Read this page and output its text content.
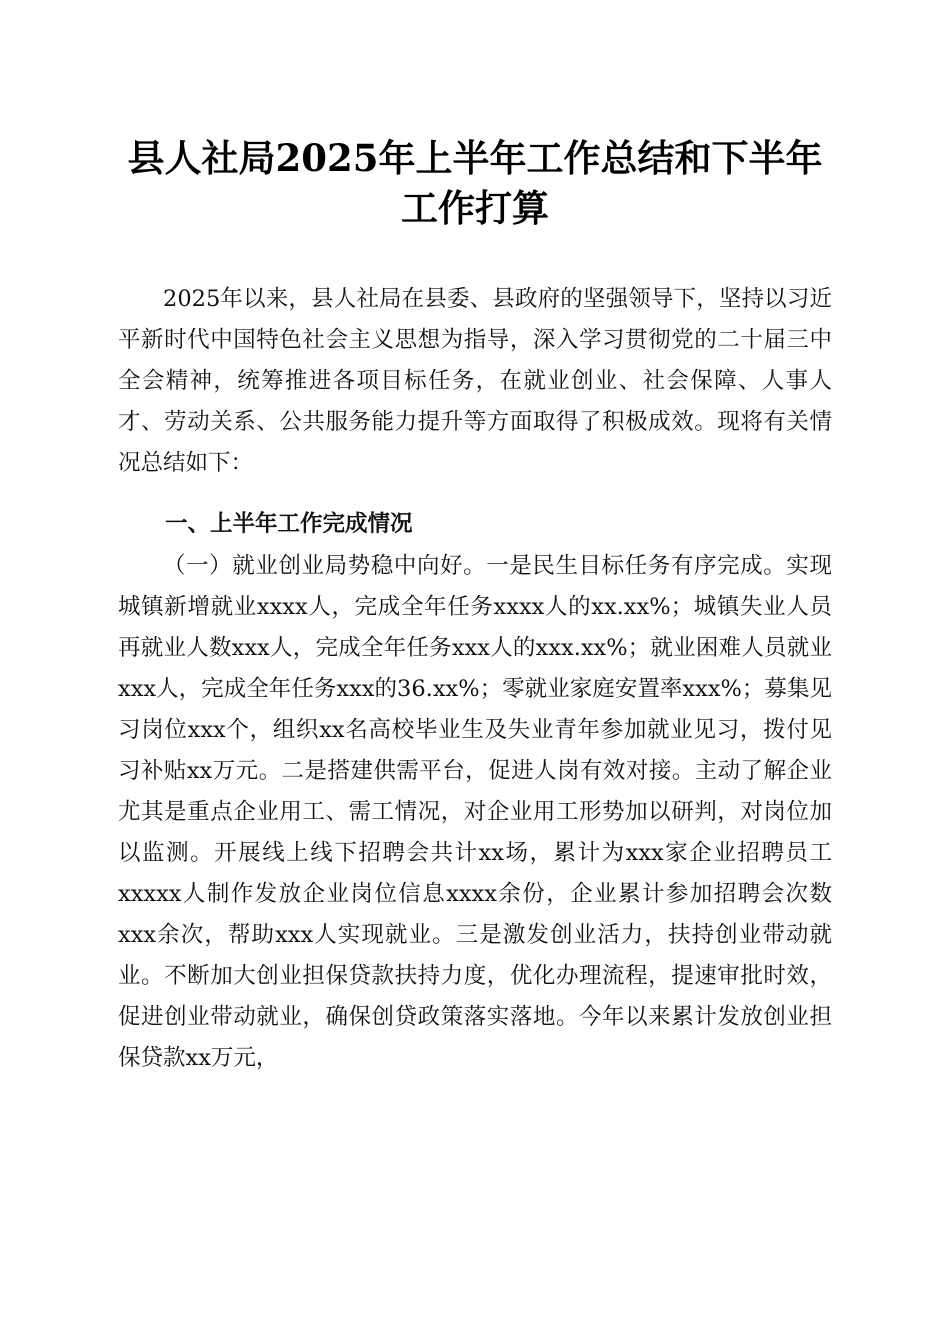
县人社局2025年上半年工作总结和下半年工作打算

2025年以来，县人社局在县委、县政府的坚强领导下，坚持以习近平新时代中国特色社会主义思想为指导，深入学习贯彻党的二十届三中全会精神，统筹推进各项目标任务，在就业创业、社会保障、人事人才、劳动关系、公共服务能力提升等方面取得了积极成效。现将有关情况总结如下：

一、上半年工作完成情况

（一）就业创业局势稳中向好。一是民生目标任务有序完成。实现城镇新增就业xxxx人，完成全年任务xxxx人的xx.xx%；城镇失业人员再就业人数xxx人，完成全年任务xxx人的xxx.xx%；就业困难人员就业xxx人，完成全年任务xxx的36.xx%；零就业家庭安置率xxx%；募集见习岗位xxx个，组织xx名高校毕业生及失业青年参加就业见习，拨付见习补贴xx万元。二是搭建供需平台，促进人岗有效对接。主动了解企业尤其是重点企业用工、需工情况，对企业用工形势加以研判，对岗位加以监测。开展线上线下招聘会共计xx场，累计为xxx家企业招聘员工xxxxx人制作发放企业岗位信息xxxx余份，企业累计参加招聘会次数xxx余次，帮助xxx人实现就业。三是激发创业活力，扶持创业带动就业。不断加大创业担保贷款扶持力度，优化办理流程，提速审批时效，促进创业带动就业，确保创贷政策落实落地。今年以来累计发放创业担保贷款xx万元，
